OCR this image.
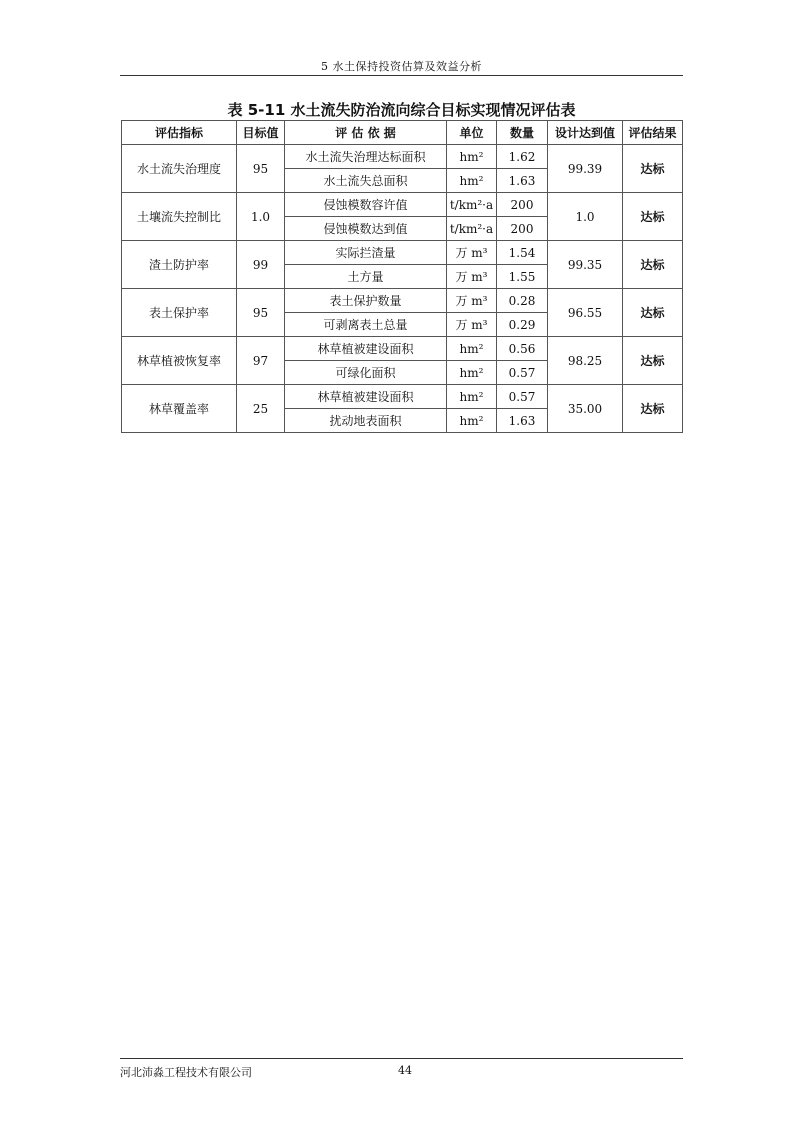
5 水土保持投资估算及效益分析
表 5-11 水土流失防治流向综合目标实现情况评估表
评估指标	目标值	评 估 依 据	单位	数量	设计达到值	评估结果
水土流失治理度	95	水土流失治理达标面积	hm²	1.62	99.39	达标
		水土流失总面积	hm²	1.63		
土壤流失控制比	1.0	侵蚀模数容许值	t/km²·a	200	1.0	达标
		侵蚀模数达到值	t/km²·a	200		
渣土防护率	99	实际拦渣量	万 m³	1.54	99.35	达标
		土方量	万 m³	1.55		
表土保护率	95	表土保护数量	万 m³	0.28	96.55	达标
		可剥离表土总量	万 m³	0.29		
林草植被恢复率	97	林草植被建设面积	hm²	0.56	98.25	达标
		可绿化面积	hm²	0.57		
林草覆盖率	25	林草植被建设面积	hm²	0.57	35.00	达标
		扰动地表面积	hm²	1.63		
河北沛淼工程技术有限公司	44
